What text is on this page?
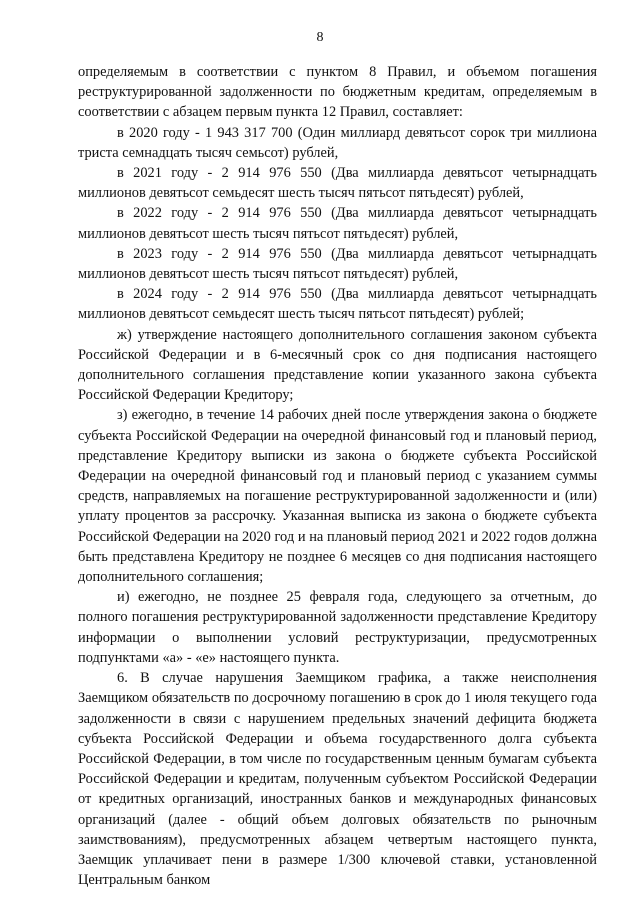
8

определяемым в соответствии с пунктом 8 Правил, и объемом погашения реструктурированной задолженности по бюджетным кредитам, определяемым в соответствии с абзацем первым пункта 12 Правил, составляет:

в 2020 году - 1 943 317 700 (Один миллиард девятьсот сорок три миллиона триста семнадцать тысяч семьсот) рублей,

в 2021 году - 2 914 976 550 (Два миллиарда девятьсот четырнадцать миллионов девятьсот семьдесят шесть тысяч пятьсот пятьдесят) рублей,

в 2022 году - 2 914 976 550 (Два миллиарда девятьсот четырнадцать миллионов девятьсот шесть тысяч пятьсот пятьдесят) рублей,

в 2023 году - 2 914 976 550 (Два миллиарда девятьсот четырнадцать миллионов девятьсот шесть тысяч пятьсот пятьдесят) рублей,

в 2024 году - 2 914 976 550 (Два миллиарда девятьсот четырнадцать миллионов девятьсот семьдесят шесть тысяч пятьсот пятьдесят) рублей;

ж) утверждение настоящего дополнительного соглашения законом субъекта Российской Федерации и в 6-месячный срок со дня подписания настоящего дополнительного соглашения представление копии указанного закона субъекта Российской Федерации Кредитору;

з) ежегодно, в течение 14 рабочих дней после утверждения закона о бюджете субъекта Российской Федерации на очередной финансовый год и плановый период, представление Кредитору выписки из закона о бюджете субъекта Российской Федерации на очередной финансовый год и плановый период с указанием суммы средств, направляемых на погашение реструктурированной задолженности и (или) уплату процентов за рассрочку. Указанная выписка из закона о бюджете субъекта Российской Федерации на 2020 год и на плановый период 2021 и 2022 годов должна быть представлена Кредитору не позднее 6 месяцев со дня подписания настоящего дополнительного соглашения;

и) ежегодно, не позднее 25 февраля года, следующего за отчетным, до полного погашения реструктурированной задолженности представление Кредитору информации о выполнении условий реструктуризации, предусмотренных подпунктами «а» - «е» настоящего пункта.

6. В случае нарушения Заемщиком графика, а также неисполнения Заемщиком обязательств по досрочному погашению в срок до 1 июля текущего года задолженности в связи с нарушением предельных значений дефицита бюджета субъекта Российской Федерации и объема государственного долга субъекта Российской Федерации, в том числе по государственным ценным бумагам субъекта Российской Федерации и кредитам, полученным субъектом Российской Федерации от кредитных организаций, иностранных банков и международных финансовых организаций (далее - общий объем долговых обязательств по рыночным заимствованиям), предусмотренных абзацем четвертым настоящего пункта, Заемщик уплачивает пени в размере 1/300 ключевой ставки, установленной Центральным банком
